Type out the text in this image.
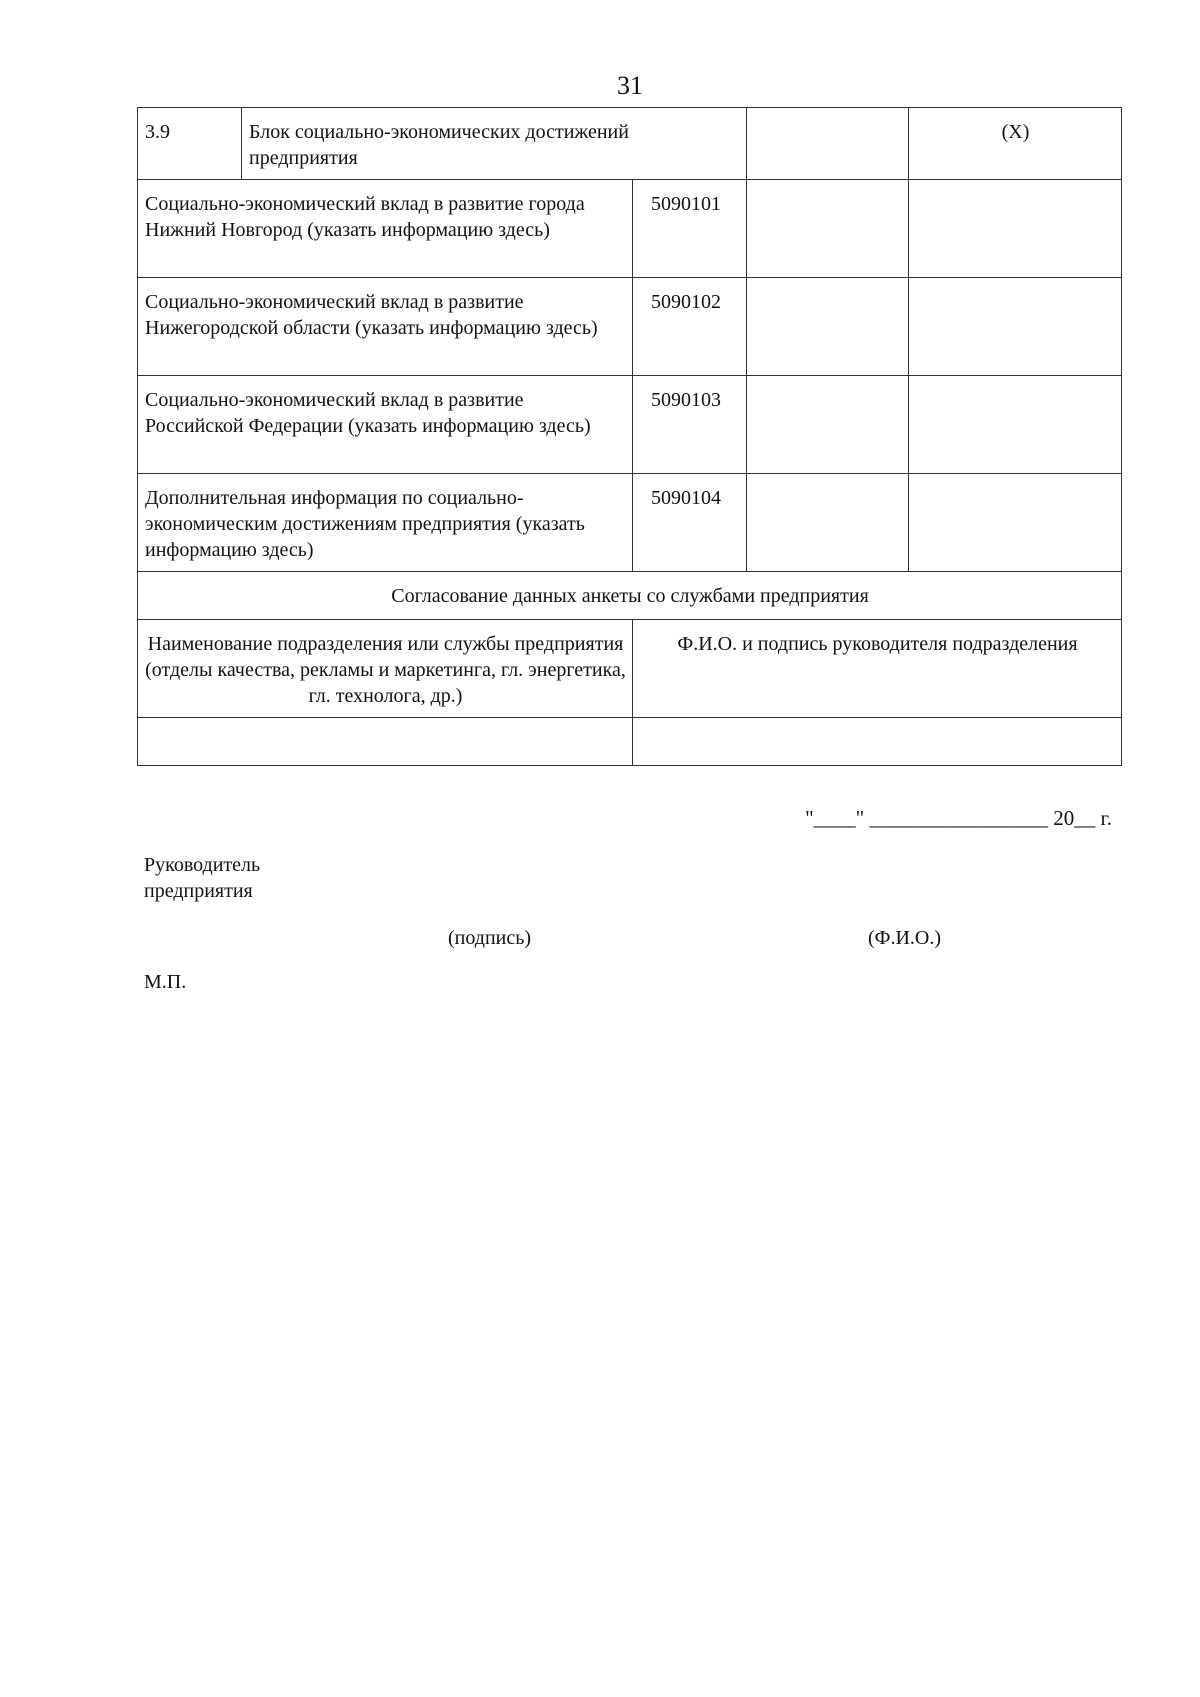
31
3.9	Блок социально-экономических достижений предприятия			(X)
Социально-экономический вклад в развитие города Нижний Новгород (указать информацию здесь)		5090101		
Социально-экономический вклад в развитие Нижегородской области (указать информацию здесь)		5090102		
Социально-экономический вклад в развитие Российской Федерации (указать информацию здесь)		5090103		
Дополнительная информация по социально-экономическим достижениям предприятия (указать информацию здесь)		5090104		
Согласование данных анкеты со службами предприятия				
Наименование подразделения или службы предприятия (отделы качества, рекламы и маркетинга, гл. энергетика, гл. технолога, др.)		Ф.И.О. и подпись руководителя подразделения		

"____" _________________ 20__ г.
Руководитель предприятия
(подпись)	(Ф.И.О.)
М.П.
